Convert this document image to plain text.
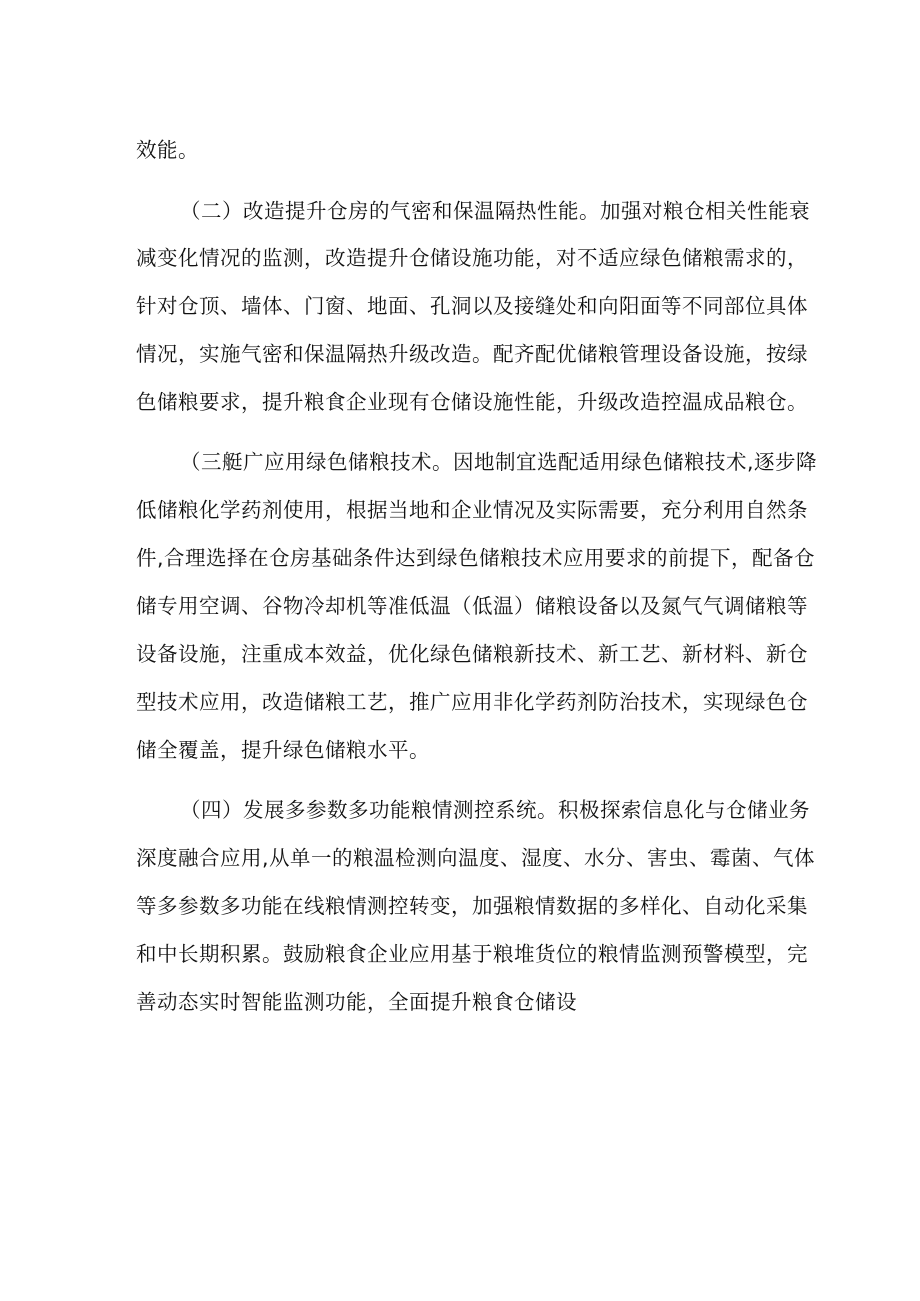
效能。
（二）改造提升仓房的气密和保温隔热性能。加强对粮仓相关性能衰
减变化情况的监测，改造提升仓储设施功能，对不适应绿色储粮需求的，
针对仓顶、墙体、门窗、地面、孔洞以及接缝处和向阳面等不同部位具体
情况，实施气密和保温隔热升级改造。配齐配优储粮管理设备设施，按绿
色储粮要求，提升粮食企业现有仓储设施性能，升级改造控温成品粮仓。
（三艇广应用绿色储粮技术。因地制宜选配适用绿色储粮技术,逐步降
低储粮化学药剂使用，根据当地和企业情况及实际需要，充分利用自然条
件,合理选择在仓房基础条件达到绿色储粮技术应用要求的前提下，配备仓
储专用空调、谷物冷却机等准低温（低温）储粮设备以及氮气气调储粮等
设备设施，注重成本效益，优化绿色储粮新技术、新工艺、新材料、新仓
型技术应用，改造储粮工艺，推广应用非化学药剂防治技术，实现绿色仓
储全覆盖，提升绿色储粮水平。
（四）发展多参数多功能粮情测控系统。积极探索信息化与仓储业务
深度融合应用,从单一的粮温检测向温度、湿度、水分、害虫、霉菌、气体
等多参数多功能在线粮情测控转变，加强粮情数据的多样化、自动化采集
和中长期积累。鼓励粮食企业应用基于粮堆货位的粮情监测预警模型，完
善动态实时智能监测功能，全面提升粮食仓储设
